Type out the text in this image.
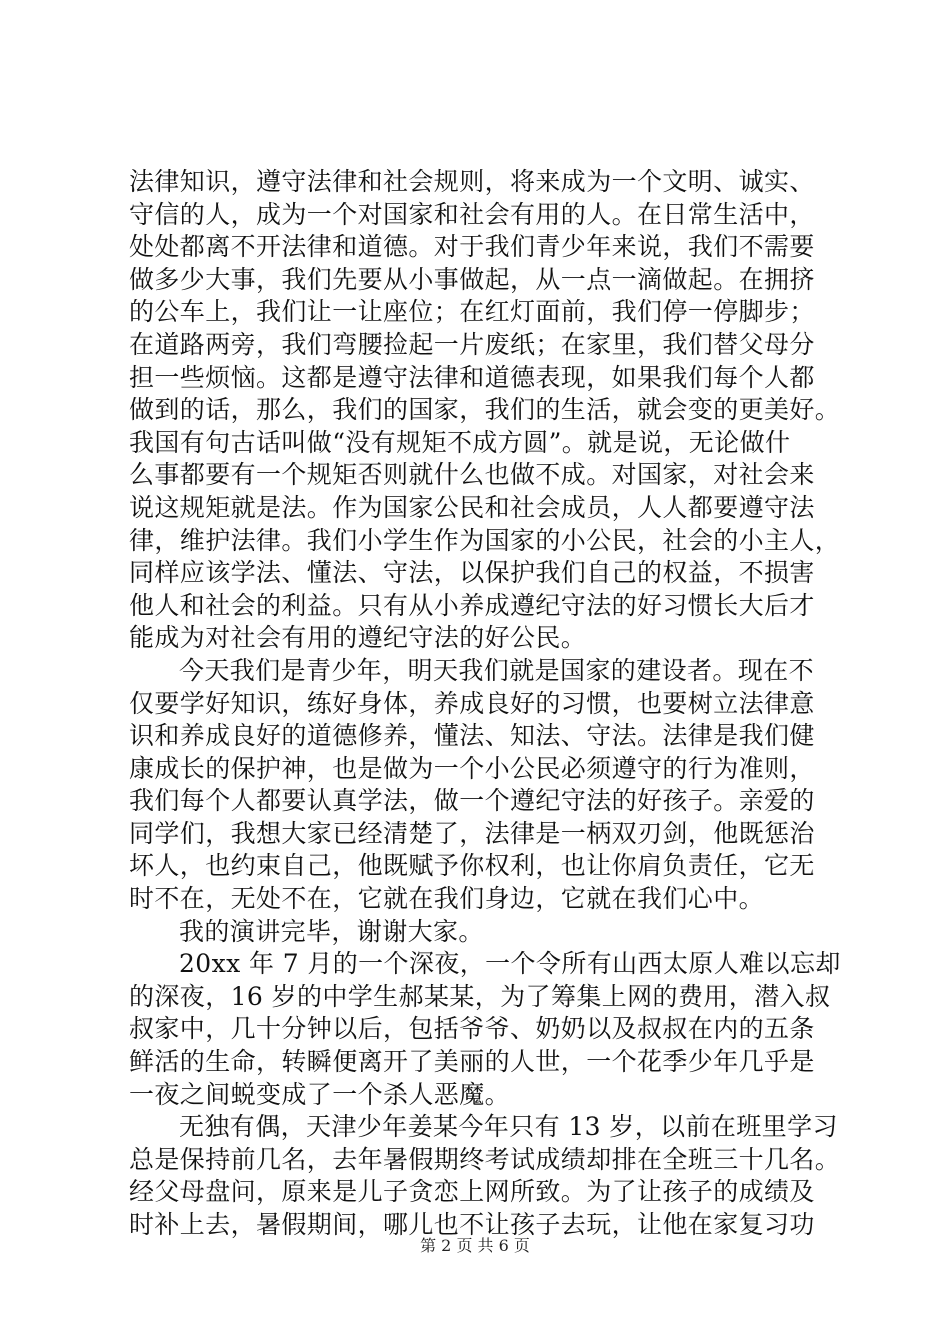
法律知识，遵守法律和社会规则，将来成为一个文明、诚实、
守信的人，成为一个对国家和社会有用的人。在日常生活中，
处处都离不开法律和道德。对于我们青少年来说，我们不需要
做多少大事，我们先要从小事做起，从一点一滴做起。在拥挤
的公车上，我们让一让座位；在红灯面前，我们停一停脚步；
在道路两旁，我们弯腰捡起一片废纸；在家里，我们替父母分
担一些烦恼。这都是遵守法律和道德表现，如果我们每个人都
做到的话，那么，我们的国家，我们的生活，就会变的更美好。
我国有句古话叫做“没有规矩不成方圆”。就是说，无论做什
么事都要有一个规矩否则就什么也做不成。对国家，对社会来
说这规矩就是法。作为国家公民和社会成员，人人都要遵守法
律，维护法律。我们小学生作为国家的小公民，社会的小主人，
同样应该学法、懂法、守法，以保护我们自己的权益，不损害
他人和社会的利益。只有从小养成遵纪守法的好习惯长大后才
能成为对社会有用的遵纪守法的好公民。
今天我们是青少年，明天我们就是国家的建设者。现在不
仅要学好知识，练好身体，养成良好的习惯，也要树立法律意
识和养成良好的道德修养，懂法、知法、守法。法律是我们健
康成长的保护神，也是做为一个小公民必须遵守的行为准则，
我们每个人都要认真学法，做一个遵纪守法的好孩子。亲爱的
同学们，我想大家已经清楚了，法律是一柄双刃剑，他既惩治
坏人，也约束自己，他既赋予你权利，也让你肩负责任，它无
时不在，无处不在，它就在我们身边，它就在我们心中。
我的演讲完毕，谢谢大家。
20xx 年 7 月的一个深夜，一个令所有山西太原人难以忘却
的深夜，16 岁的中学生郝某某，为了筹集上网的费用，潜入叔
叔家中，几十分钟以后，包括爷爷、奶奶以及叔叔在内的五条
鲜活的生命，转瞬便离开了美丽的人世，一个花季少年几乎是
一夜之间蜕变成了一个杀人恶魔。
无独有偶，天津少年姜某今年只有 13 岁，以前在班里学习
总是保持前几名，去年暑假期终考试成绩却排在全班三十几名。
经父母盘问，原来是儿子贪恋上网所致。为了让孩子的成绩及
时补上去，暑假期间，哪儿也不让孩子去玩，让他在家复习功
第 2 页 共 6 页
